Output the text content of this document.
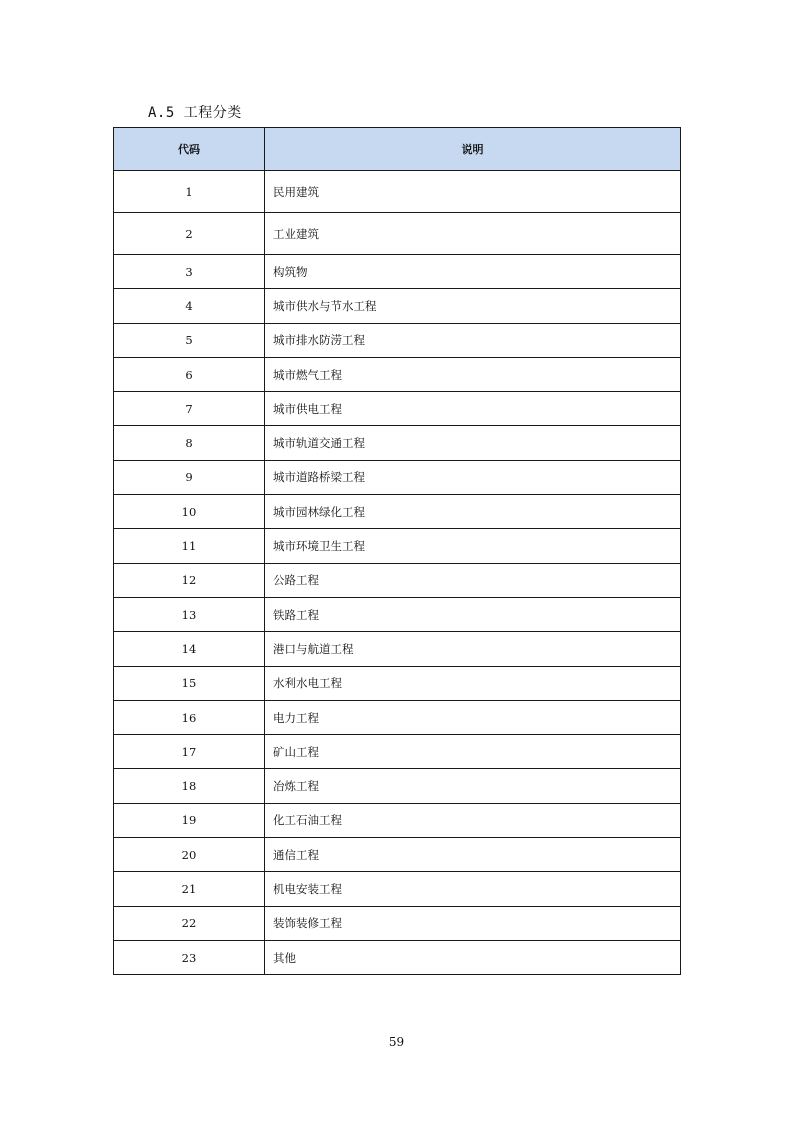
A.5 工程分类
代码	说明
1	民用建筑
2	工业建筑
3	构筑物
4	城市供水与节水工程
5	城市排水防涝工程
6	城市燃气工程
7	城市供电工程
8	城市轨道交通工程
9	城市道路桥梁工程
10	城市园林绿化工程
11	城市环境卫生工程
12	公路工程
13	铁路工程
14	港口与航道工程
15	水利水电工程
16	电力工程
17	矿山工程
18	冶炼工程
19	化工石油工程
20	通信工程
21	机电安装工程
22	装饰装修工程
23	其他
59
